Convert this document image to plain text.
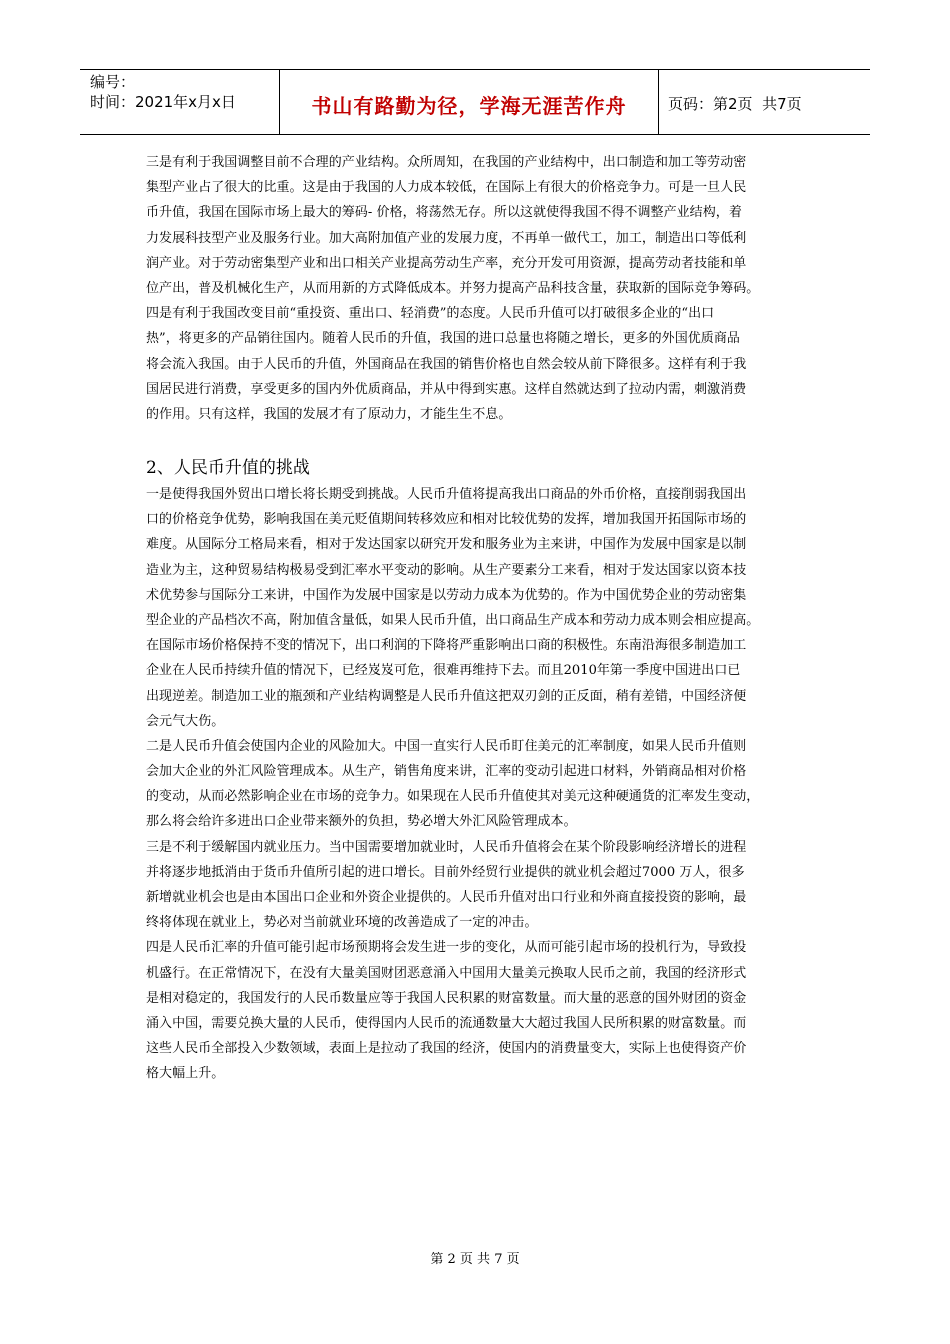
编号：
时间：2021年x月x日	书山有路勤为径，学海无涯苦作舟	页码：第2页  共7页
三是有利于我国调整目前不合理的产业结构。众所周知，在我国的产业结构中，出口制造和加工等劳动密
集型产业占了很大的比重。这是由于我国的人力成本较低，在国际上有很大的价格竞争力。可是一旦人民
币升值，我国在国际市场上最大的筹码- 价格，将荡然无存。所以这就使得我国不得不调整产业结构，着
力发展科技型产业及服务行业。加大高附加值产业的发展力度，不再单一做代工，加工，制造出口等低利
润产业。对于劳动密集型产业和出口相关产业提高劳动生产率，充分开发可用资源，提高劳动者技能和单
位产出，普及机械化生产，从而用新的方式降低成本。并努力提高产品科技含量，获取新的国际竞争筹码。
四是有利于我国改变目前“重投资、重出口、轻消费”的态度。人民币升值可以打破很多企业的“出口
热”，将更多的产品销往国内。随着人民币的升值，我国的进口总量也将随之增长，更多的外国优质商品
将会流入我国。由于人民币的升值，外国商品在我国的销售价格也自然会较从前下降很多。这样有利于我
国居民进行消费，享受更多的国内外优质商品，并从中得到实惠。这样自然就达到了拉动内需，刺激消费
的作用。只有这样，我国的发展才有了原动力，才能生生不息。
2、人民币升值的挑战
一是使得我国外贸出口增长将长期受到挑战。人民币升值将提高我出口商品的外币价格，直接削弱我国出
口的价格竞争优势，影响我国在美元贬值期间转移效应和相对比较优势的发挥，增加我国开拓国际市场的
难度。从国际分工格局来看，相对于发达国家以研究开发和服务业为主来讲，中国作为发展中国家是以制
造业为主，这种贸易结构极易受到汇率水平变动的影响。从生产要素分工来看，相对于发达国家以资本技
术优势参与国际分工来讲，中国作为发展中国家是以劳动力成本为优势的。作为中国优势企业的劳动密集
型企业的产品档次不高，附加值含量低，如果人民币升值，出口商品生产成本和劳动力成本则会相应提高。
在国际市场价格保持不变的情况下，出口利润的下降将严重影响出口商的积极性。东南沿海很多制造加工
企业在人民币持续升值的情况下，已经岌岌可危，很难再维持下去。而且2010年第一季度中国进出口已
出现逆差。制造加工业的瓶颈和产业结构调整是人民币升值这把双刃剑的正反面，稍有差错，中国经济便
会元气大伤。
二是人民币升值会使国内企业的风险加大。中国一直实行人民币盯住美元的汇率制度，如果人民币升值则
会加大企业的外汇风险管理成本。从生产，销售角度来讲，汇率的变动引起进口材料，外销商品相对价格
的变动，从而必然影响企业在市场的竞争力。如果现在人民币升值使其对美元这种硬通货的汇率发生变动，
那么将会给许多进出口企业带来额外的负担，势必增大外汇风险管理成本。
三是不利于缓解国内就业压力。当中国需要增加就业时，人民币升值将会在某个阶段影响经济增长的进程
并将逐步地抵消由于货币升值所引起的进口增长。目前外经贸行业提供的就业机会超过7000 万人，很多
新增就业机会也是由本国出口企业和外资企业提供的。人民币升值对出口行业和外商直接投资的影响，最
终将体现在就业上，势必对当前就业环境的改善造成了一定的冲击。
四是人民币汇率的升值可能引起市场预期将会发生进一步的变化，从而可能引起市场的投机行为，导致投
机盛行。在正常情况下，在没有大量美国财团恶意涌入中国用大量美元换取人民币之前，我国的经济形式
是相对稳定的，我国发行的人民币数量应等于我国人民积累的财富数量。而大量的恶意的国外财团的资金
涌入中国，需要兑换大量的人民币，使得国内人民币的流通数量大大超过我国人民所积累的财富数量。而
这些人民币全部投入少数领域，表面上是拉动了我国的经济，使国内的消费量变大，实际上也使得资产价
格大幅上升。
第 2 页 共 7 页
